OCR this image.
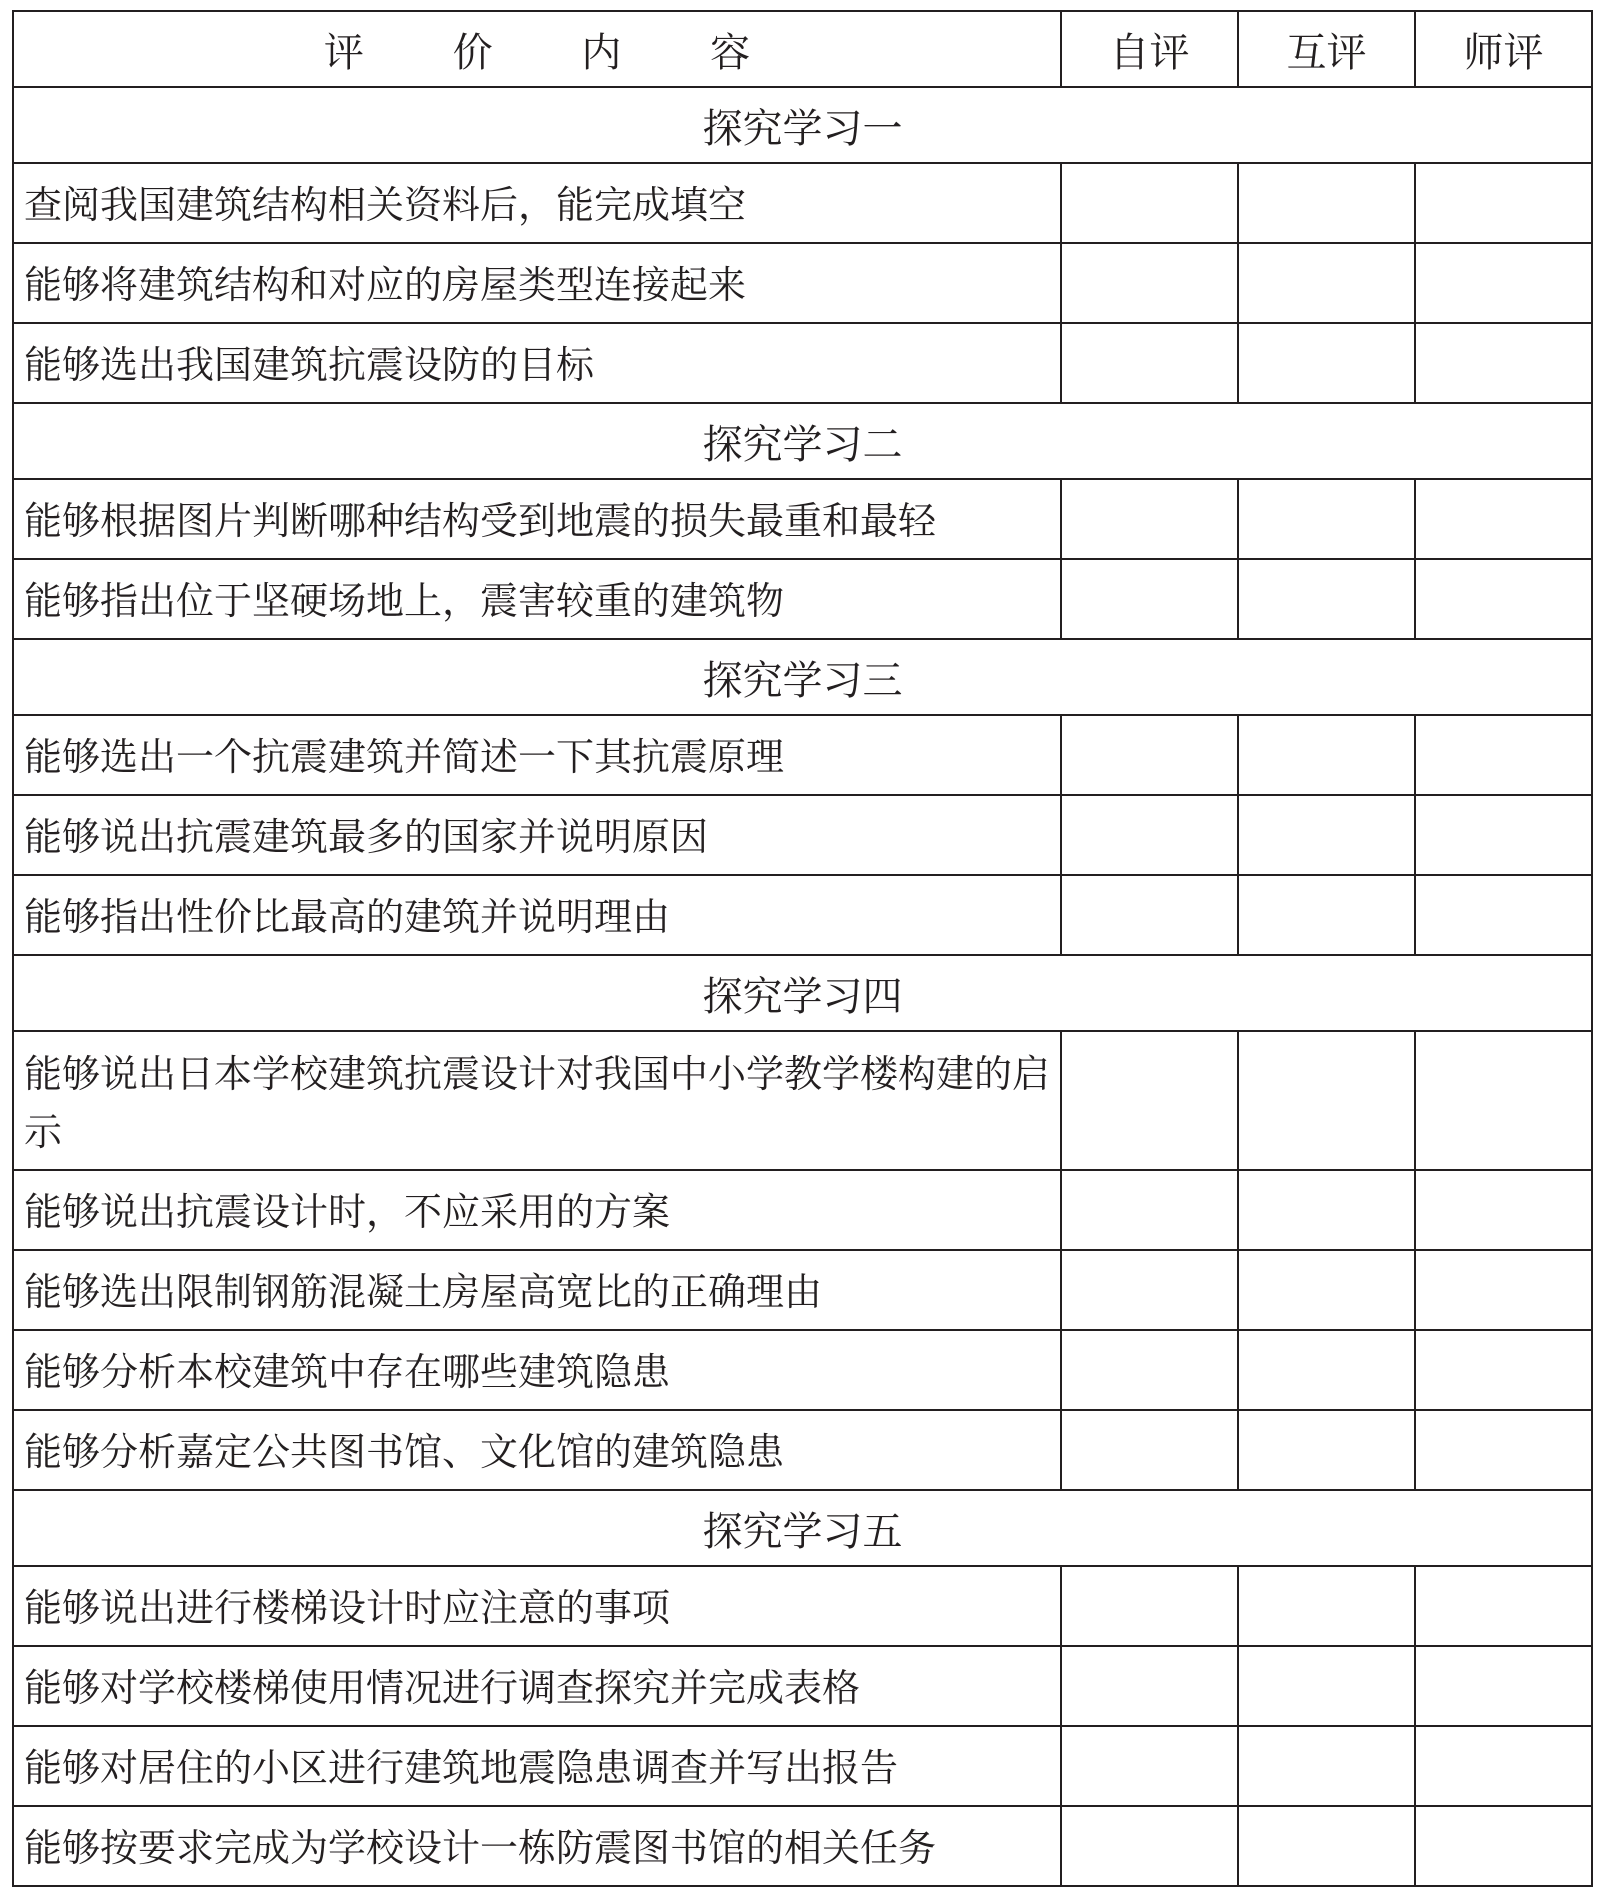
评 价 内 容	自评	互评	师评
探究学习一			
查阅我国建筑结构相关资料后，能完成填空			
能够将建筑结构和对应的房屋类型连接起来			
能够选出我国建筑抗震设防的目标			
探究学习二			
能够根据图片判断哪种结构受到地震的损失最重和最轻			
能够指出位于坚硬场地上，震害较重的建筑物			
探究学习三			
能够选出一个抗震建筑并简述一下其抗震原理			
能够说出抗震建筑最多的国家并说明原因			
能够指出性价比最高的建筑并说明理由			
探究学习四			
能够说出日本学校建筑抗震设计对我国中小学教学楼构建的启示			
能够说出抗震设计时，不应采用的方案			
能够选出限制钢筋混凝土房屋高宽比的正确理由			
能够分析本校建筑中存在哪些建筑隐患			
能够分析嘉定公共图书馆、文化馆的建筑隐患			
探究学习五			
能够说出进行楼梯设计时应注意的事项			
能够对学校楼梯使用情况进行调查探究并完成表格			
能够对居住的小区进行建筑地震隐患调查并写出报告			
能够按要求完成为学校设计一栋防震图书馆的相关任务			
